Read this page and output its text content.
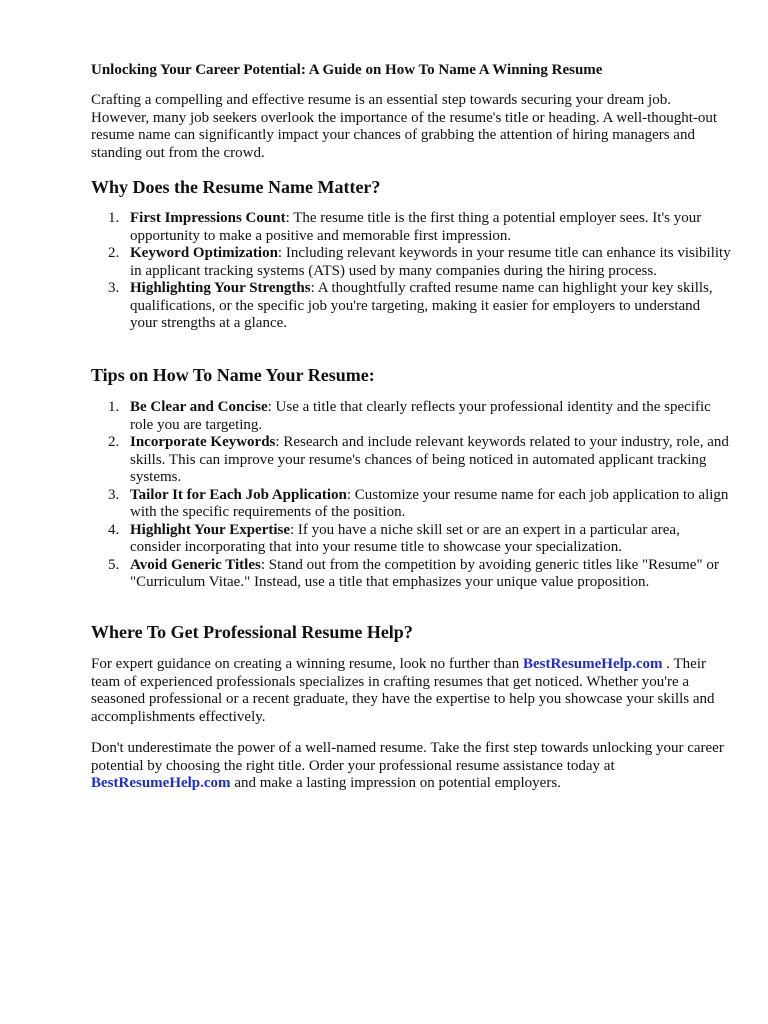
Unlocking Your Career Potential: A Guide on How To Name A Winning Resume

Crafting a compelling and effective resume is an essential step towards securing your dream job. However, many job seekers overlook the importance of the resume's title or heading. A well-thought-out resume name can significantly impact your chances of grabbing the attention of hiring managers and standing out from the crowd.

Why Does the Resume Name Matter?
1. First Impressions Count: The resume title is the first thing a potential employer sees. It's your opportunity to make a positive and memorable first impression.
2. Keyword Optimization: Including relevant keywords in your resume title can enhance its visibility in applicant tracking systems (ATS) used by many companies during the hiring process.
3. Highlighting Your Strengths: A thoughtfully crafted resume name can highlight your key skills, qualifications, or the specific job you're targeting, making it easier for employers to understand your strengths at a glance.
Tips on How To Name Your Resume:
1. Be Clear and Concise: Use a title that clearly reflects your professional identity and the specific role you are targeting.
2. Incorporate Keywords: Research and include relevant keywords related to your industry, role, and skills. This can improve your resume's chances of being noticed in automated applicant tracking systems.
3. Tailor It for Each Job Application: Customize your resume name for each job application to align with the specific requirements of the position.
4. Highlight Your Expertise: If you have a niche skill set or are an expert in a particular area, consider incorporating that into your resume title to showcase your specialization.
5. Avoid Generic Titles: Stand out from the competition by avoiding generic titles like "Resume" or "Curriculum Vitae." Instead, use a title that emphasizes your unique value proposition.
Where To Get Professional Resume Help?

For expert guidance on creating a winning resume, look no further than BestResumeHelp.com . Their team of experienced professionals specializes in crafting resumes that get noticed. Whether you're a seasoned professional or a recent graduate, they have the expertise to help you showcase your skills and accomplishments effectively.

Don't underestimate the power of a well-named resume. Take the first step towards unlocking your career potential by choosing the right title. Order your professional resume assistance today at BestResumeHelp.com and make a lasting impression on potential employers.
